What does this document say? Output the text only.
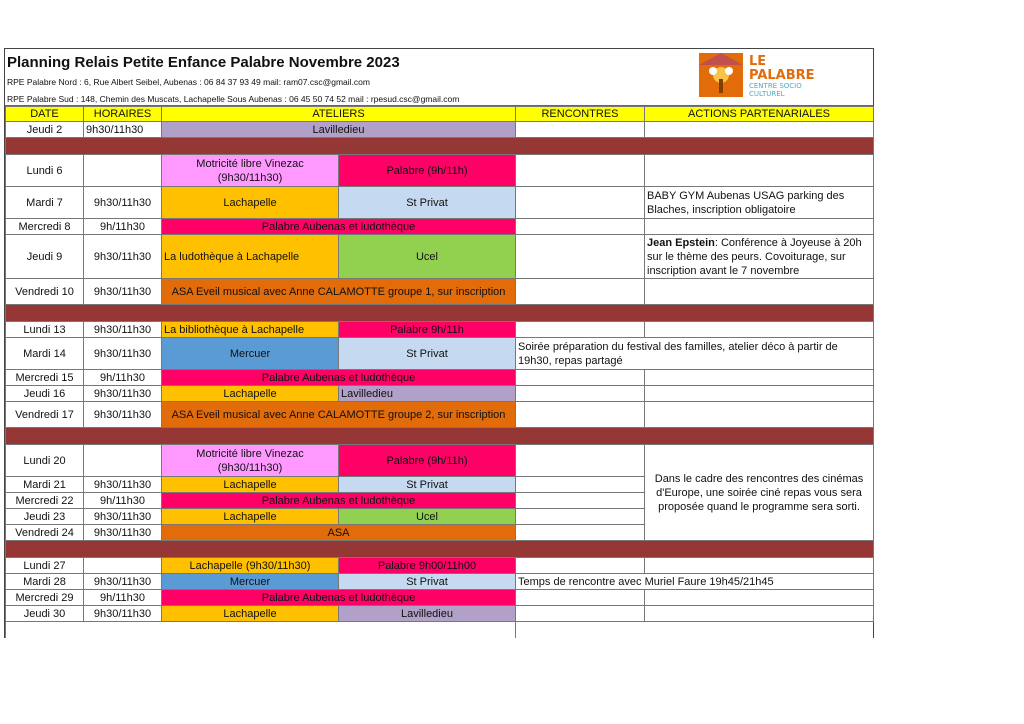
Planning Relais Petite Enfance Palabre Novembre 2023
RPE Palabre Nord : 6, Rue Albert Seibel, Aubenas : 06 84 37 93 49 mail: ram07.csc@gmail.com
RPE Palabre Sud : 148, Chemin des Muscats, Lachapelle Sous Aubenas : 06 45 50 74 52 mail : rpesud.csc@gmail.com
LE
PALABRE
CENTRE SOCIO
CULTUREL
DATE	HORAIRES	ATELIERS		RENCONTRES	ACTIONS PARTENARIALES
Jeudi 2	9h30/11h30	Lavilledieu			

Lundi 6		Motricité libre Vinezac (9h30/11h30)	Palabre (9h/11h)		
Mardi 7	9h30/11h30	Lachapelle	St Privat		BABY GYM Aubenas USAG parking des Blaches, inscription obligatoire
Mercredi 8	9h/11h30	Palabre Aubenas et ludothèque			
Jeudi 9	9h30/11h30	La ludothèque à Lachapelle	Ucel		Jean Epstein: Conférence à Joyeuse à 20h sur le thème des peurs. Covoiturage, sur inscription avant le 7 novembre
Vendredi 10	9h30/11h30	ASA Eveil musical avec Anne CALAMOTTE groupe 1, sur inscription			

Lundi 13	9h30/11h30	La bibliothèque à Lachapelle	Palabre 9h/11h		
Mardi 14	9h30/11h30	Mercuer	St Privat	Soirée préparation du festival des familles, atelier déco à partir de 19h30, repas partagé	
Mercredi 15	9h/11h30	Palabre Aubenas et ludothèque			
Jeudi 16	9h30/11h30	Lachapelle	Lavilledieu		
Vendredi 17	9h30/11h30	ASA Eveil musical avec Anne CALAMOTTE groupe 2, sur inscription			

Lundi 20		Motricité libre Vinezac (9h30/11h30)	Palabre (9h/11h)		Dans le cadre des rencontres des cinémas d'Europe, une soirée ciné repas vous sera proposée quand le programme sera sorti.
Mardi 21	9h30/11h30	Lachapelle	St Privat		
Mercredi 22	9h/11h30	Palabre Aubenas et ludothèque			
Jeudi 23	9h30/11h30	Lachapelle	Ucel		
Vendredi 24	9h30/11h30	ASA			

Lundi 27		Lachapelle (9h30/11h30)	Palabre 9h00/11h00		
Mardi 28	9h30/11h30	Mercuer	St Privat	Temps de rencontre avec Muriel Faure 19h45/21h45	
Mercredi 29	9h/11h30	Palabre Aubenas et ludothèque			
Jeudi 30	9h30/11h30	Lachapelle	Lavilledieu		
